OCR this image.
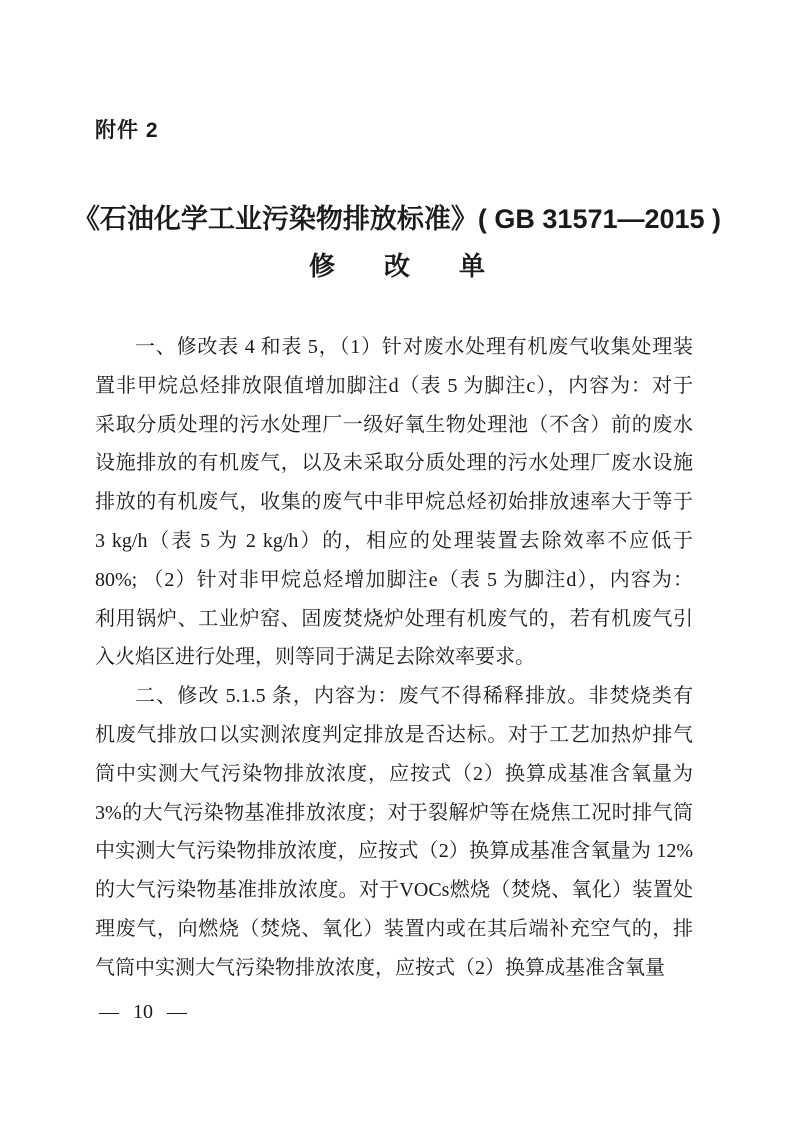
附件 2
《石油化学工业污染物排放标准》( GB 31571—2015 )
修 改 单
一、修改表 4 和表 5，（1）针对废水处理有机废气收集处理装
置非甲烷总烃排放限值增加脚注d（表 5 为脚注c），内容为：对于
采取分质处理的污水处理厂一级好氧生物处理池（不含）前的废水
设施排放的有机废气，以及未采取分质处理的污水处理厂废水设施
排放的有机废气，收集的废气中非甲烷总烃初始排放速率大于等于
3 kg/h（表 5 为 2 kg/h）的，相应的处理装置去除效率不应低于
80%; （2）针对非甲烷总烃增加脚注e（表 5 为脚注d），内容为：
利用锅炉、工业炉窑、固废焚烧炉处理有机废气的，若有机废气引
入火焰区进行处理，则等同于满足去除效率要求。
二、修改 5.1.5 条，内容为：废气不得稀释排放。非焚烧类有
机废气排放口以实测浓度判定排放是否达标。对于工艺加热炉排气
筒中实测大气污染物排放浓度，应按式（2）换算成基准含氧量为
3%的大气污染物基准排放浓度；对于裂解炉等在烧焦工况时排气筒
中实测大气污染物排放浓度，应按式（2）换算成基准含氧量为 12%
的大气污染物基准排放浓度。对于VOCs燃烧（焚烧、氧化）装置处
理废气，向燃烧（焚烧、氧化）装置内或在其后端补充空气的，排
气筒中实测大气污染物排放浓度，应按式（2）换算成基准含氧量
— 10 —
